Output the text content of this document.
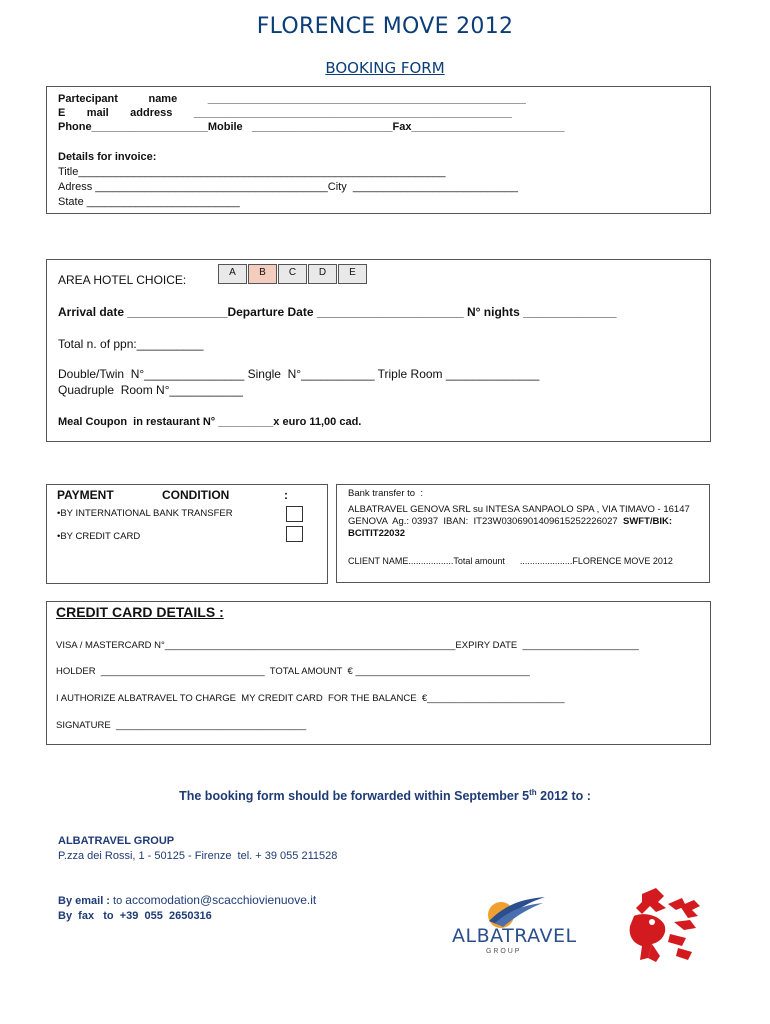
FLORENCE MOVE 2012
BOOKING FORM
Partecipant          name          ____________________________________________________
E       mail       address       ____________________________________________________
Phone___________________Mobile   _______________________Fax_________________________
Details for invoice:
Title____________________________________________________________
Adress ______________________________________City  ___________________________
State _________________________
AREA HOTEL CHOICE:
A	B	C	D	E
Arrival date _______________Departure Date ______________________ N° nights ______________
Total n. of ppn:__________
Double/Twin  N°_______________ Single  N°___________ Triple Room ______________
Quadruple  Room N°___________
Meal Coupon  in restaurant N° _________x euro 11,00 cad.
PAYMENT	CONDITION	:
•BY INTERNATIONAL BANK TRANSFER
•BY CREDIT CARD
Bank transfer to  :
ALBATRAVEL GENOVA SRL su INTESA SANPAOLO SPA , VIA TIMAVO - 16147
GENOVA  Ag.: 03937  IBAN:  IT23W0306901409615252226027  SWFT/BIK:
BCITIT22032
CLIENT NAME..................Total amount      .....................FLORENCE MOVE 2012
CREDIT CARD DETAILS :
VISA / MASTERCARD N°_______________________________________________________EXPIRY DATE  ______________________
HOLDER  _______________________________  TOTAL AMOUNT  € _________________________________
I AUTHORIZE ALBATRAVEL TO CHARGE  MY CREDIT CARD  FOR THE BALANCE  €__________________________
SIGNATURE  ____________________________________
The booking form should be forwarded within September 5th 2012 to :
ALBATRAVEL GROUP
P.zza dei Rossi, 1 - 50125 - Firenze  tel. + 39 055 211528
By email : to accomodation@scacchiovienuove.it
By  fax   to  +39  055  2650316
ALBATRAVEL
G R O U P
